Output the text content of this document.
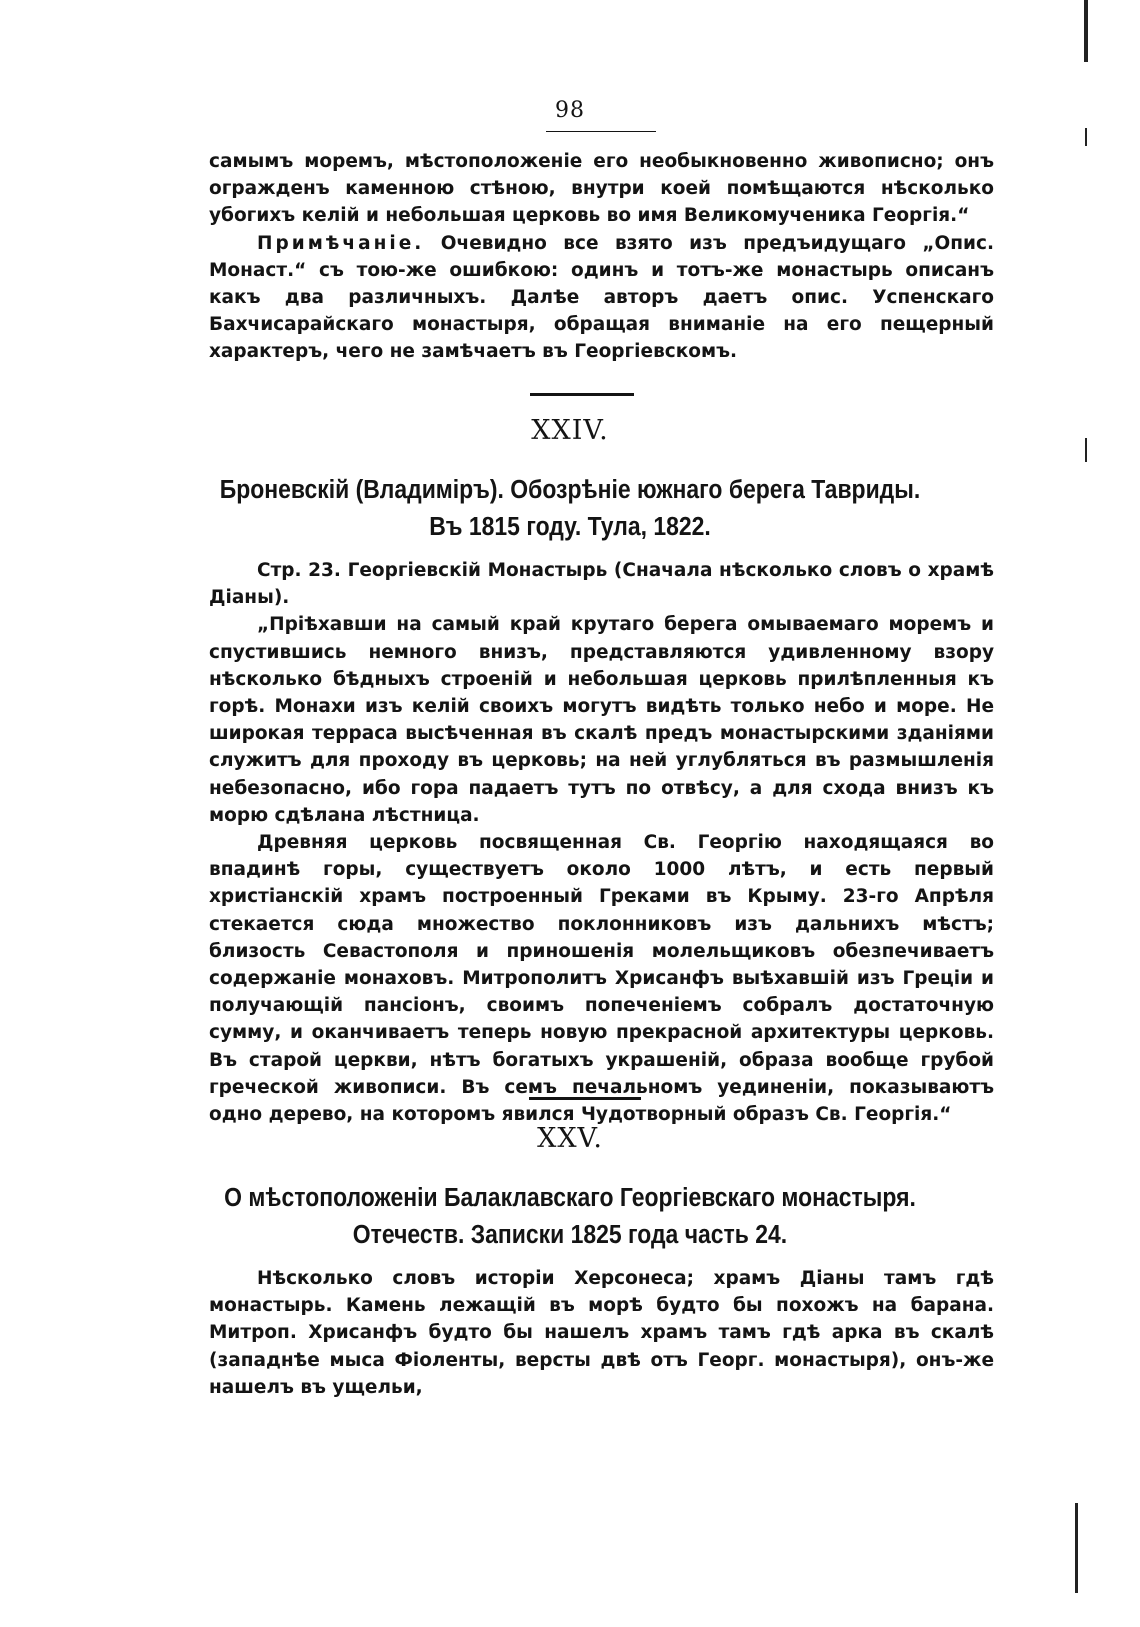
98

самымъ моремъ, мѣстоположенiе его необыкновенно живописно; онъ огражденъ каменною стѣною, внутри коей помѣщаются нѣсколько убогихъ келiй и небольшая церковь во имя Великомученика Георгiя.“

Примѣчанiе. Очевидно все взято изъ предъидущаго „Опис. Монаст.“ съ тою-же ошибкою: одинъ и тотъ-же монастырь описанъ какъ два различныхъ. Далѣе авторъ даетъ опис. Успенскаго Бахчисарайскаго монастыря, обращая вниманiе на его пещерный характеръ, чего не замѣчаетъ въ Георгiевскомъ.

XXIV.
Броневскiй (Владимiръ). Обозрѣнiе южнаго берега Тавриды.
Въ 1815 году. Тула, 1822.

Стр. 23. Георгiевскiй Монастырь (Сначала нѣсколько словъ о храмѣ Дiаны).

„Прiѣхавши на самый край крутаго берега омываемаго моремъ и спустившись немного внизъ, представляются удивленному взору нѣсколько бѣдныхъ строенiй и небольшая церковь прилѣпленныя къ горѣ. Монахи изъ келiй своихъ могутъ видѣть только небо и море. Не широкая терраса высѣченная въ скалѣ предъ монастырскими зданiями служитъ для проходу въ церковь; на ней углубляться въ размышленiя небезопасно, ибо гора падаетъ тутъ по отвѣсу, а для схода внизъ къ морю сдѣлана лѣстница.

Древняя церковь посвященная Св. Георгiю находящаяся во впадинѣ горы, существуетъ около 1000 лѣтъ, и есть первый христiанскiй храмъ построенный Греками въ Крыму. 23-го Апрѣля стекается сюда множество поклонниковъ изъ дальнихъ мѣстъ; близость Севастополя и приношенiя молельщиковъ обезпечиваетъ содержанiе монаховъ. Митрополитъ Хрисанфъ выѣхавшiй изъ Грецiи и получающiй пансiонъ, своимъ попеченiемъ собралъ достаточную сумму, и оканчиваетъ теперь новую прекрасной архитектуры церковь. Въ старой церкви, нѣтъ богатыхъ украшенiй, образа вообще грубой греческой живописи. Въ семъ печальномъ уединенiи, показываютъ одно дерево, на которомъ явился Чудотворный образъ Св. Георгiя.“

XXV.
О мѣстоположенiи Балаклавскаго Георгiевскаго монастыря.
Отечеств. Записки 1825 года часть 24.

Нѣсколько словъ исторiи Херсонеса; храмъ Дiаны тамъ гдѣ монастырь. Камень лежащiй въ морѣ будто бы похожъ на барана. Митроп. Хрисанфъ будто бы нашелъ храмъ тамъ гдѣ арка въ скалѣ (западнѣе мыса Фiоленты, версты двѣ отъ Георг. монастыря), онъ-же нашелъ въ ущельи,
